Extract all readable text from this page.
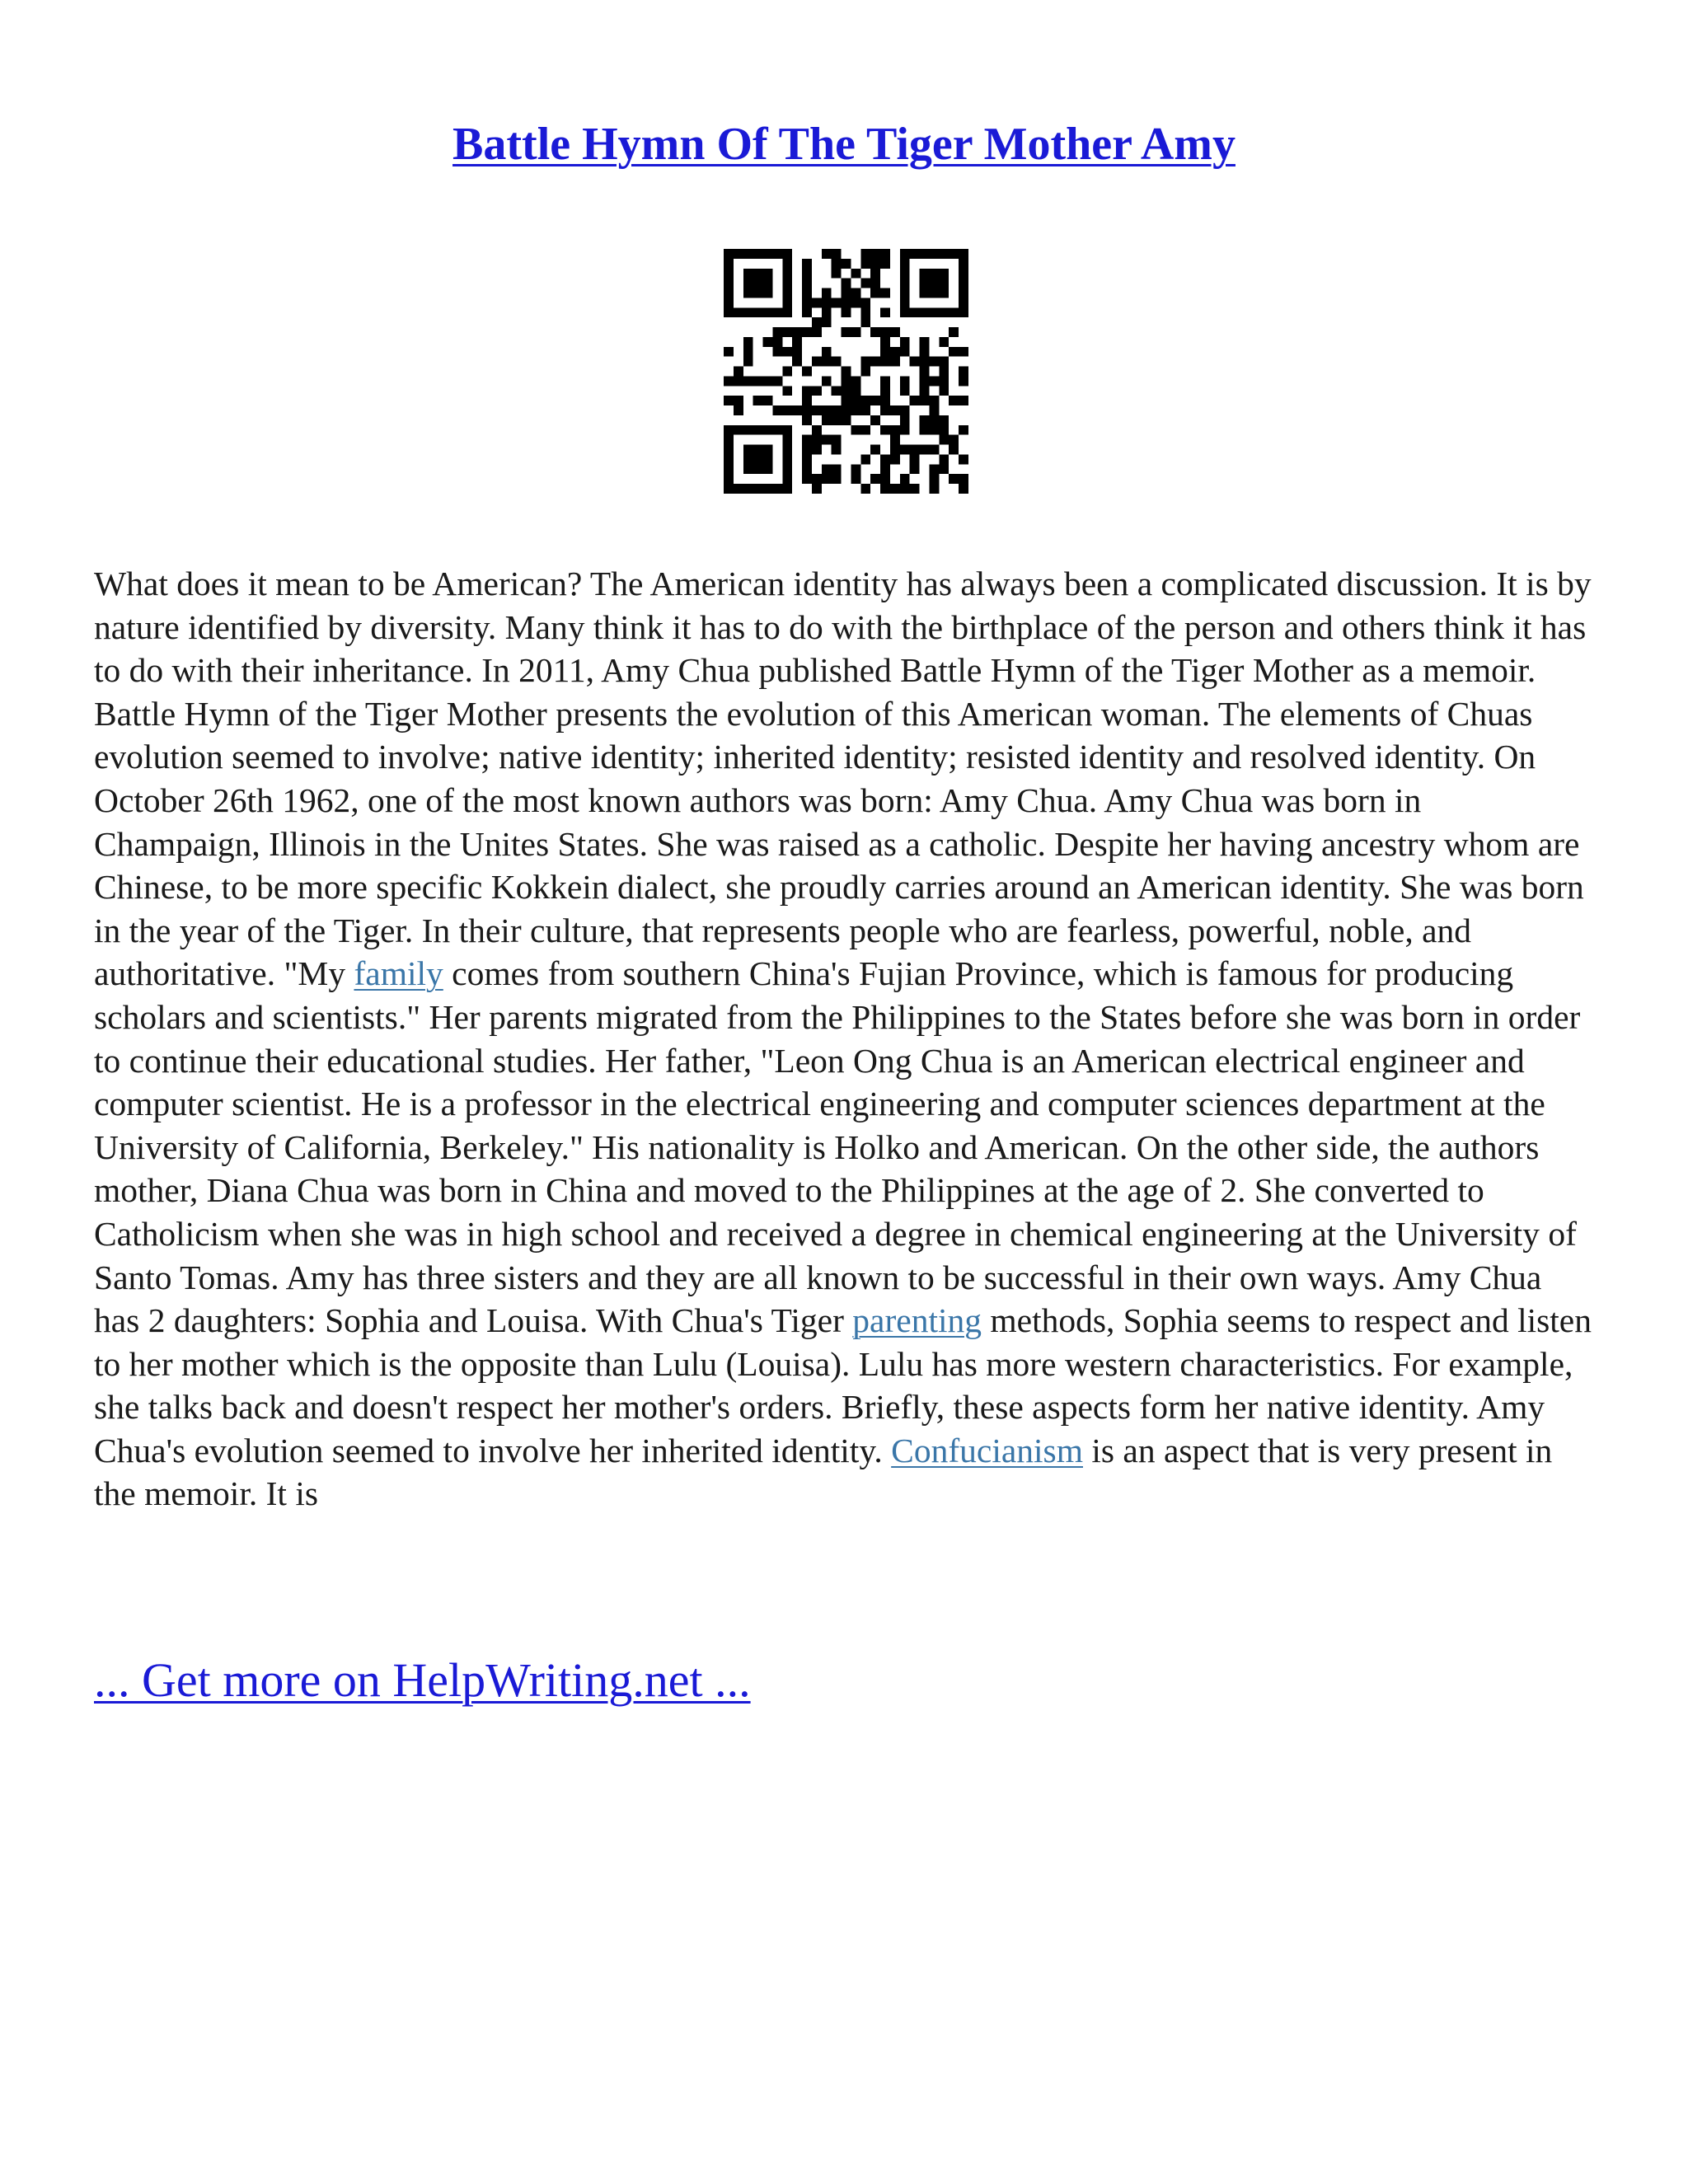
Battle Hymn Of The Tiger Mother Amy

What does it mean to be American? The American identity has always been a complicated discussion. It is by nature identified by diversity. Many think it has to do with the birthplace of the person and others think it has to do with their inheritance. In 2011, Amy Chua published Battle Hymn of the Tiger Mother as a memoir. Battle Hymn of the Tiger Mother presents the evolution of this American woman. The elements of Chuas evolution seemed to involve; native identity; inherited identity; resisted identity and resolved identity. On October 26th 1962, one of the most known authors was born: Amy Chua. Amy Chua was born in Champaign, Illinois in the Unites States. She was raised as a catholic. Despite her having ancestry whom are Chinese, to be more specific Kokkein dialect, she proudly carries around an American identity. She was born in the year of the Tiger. In their culture, that represents people who are fearless, powerful, noble, and authoritative. "My family comes from southern China's Fujian Province, which is famous for producing scholars and scientists." Her parents migrated from the Philippines to the States before she was born in order to continue their educational studies. Her father, "Leon Ong Chua is an American electrical engineer and computer scientist. He is a professor in the electrical engineering and computer sciences department at the University of California, Berkeley." His nationality is Holko and American. On the other side, the authors mother, Diana Chua was born in China and moved to the Philippines at the age of 2. She converted to Catholicism when she was in high school and received a degree in chemical engineering at the University of Santo Tomas. Amy has three sisters and they are all known to be successful in their own ways. Amy Chua has 2 daughters: Sophia and Louisa. With Chua's Tiger parenting methods, Sophia seems to respect and listen to her mother which is the opposite than Lulu (Louisa). Lulu has more western characteristics. For example, she talks back and doesn't respect her mother's orders. Briefly, these aspects form her native identity. Amy Chua's evolution seemed to involve her inherited identity. Confucianism is an aspect that is very present in the memoir. It is

... Get more on HelpWriting.net ...
